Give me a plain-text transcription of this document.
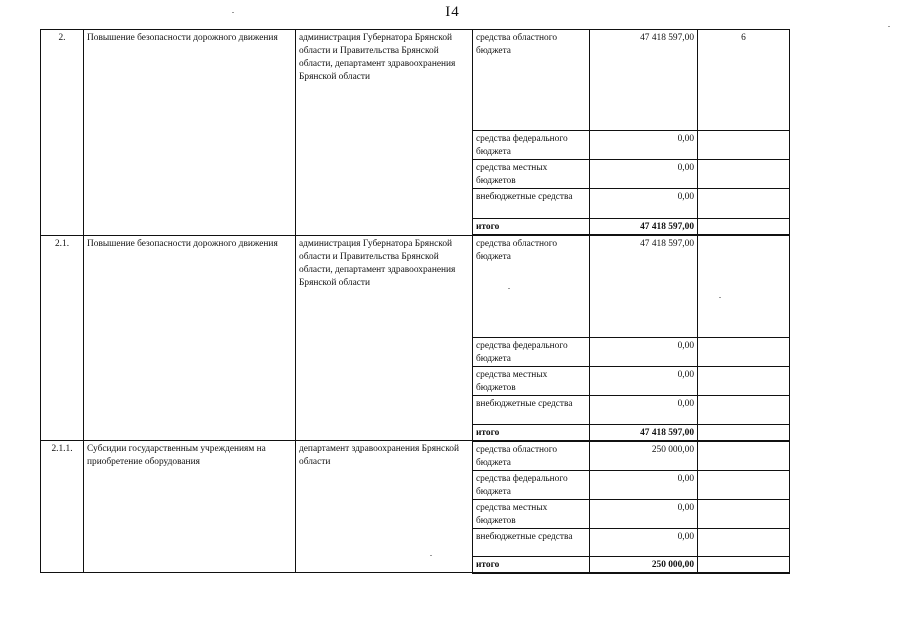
I4
2.	Повышение безопасности дорожного движения	администрация Губернатора Брянской области и Правительства Брянской области, департамент здравоохранения Брянской области	средства областного бюджета	47 418 597,00	6
			средства федерального бюджета	0,00	
			средства местных бюджетов	0,00	
			внебюджетные средства	0,00	
			итого	47 418 597,00	
2.1.	Повышение безопасности дорожного движения	администрация Губернатора Брянской области и Правительства Брянской области, департамент здравоохранения Брянской области	средства областного бюджета	47 418 597,00	
			средства федерального бюджета	0,00	
			средства местных бюджетов	0,00	
			внебюджетные средства	0,00	
			итого	47 418 597,00	
2.1.1.	Субсидии государственным учреждениям на приобретение оборудования	департамент здравоохранения Брянской области	средства областного бюджета	250 000,00	
			средства федерального бюджета	0,00	
			средства местных бюджетов	0,00	
			внебюджетные средства	0,00	
			итого	250 000,00	
